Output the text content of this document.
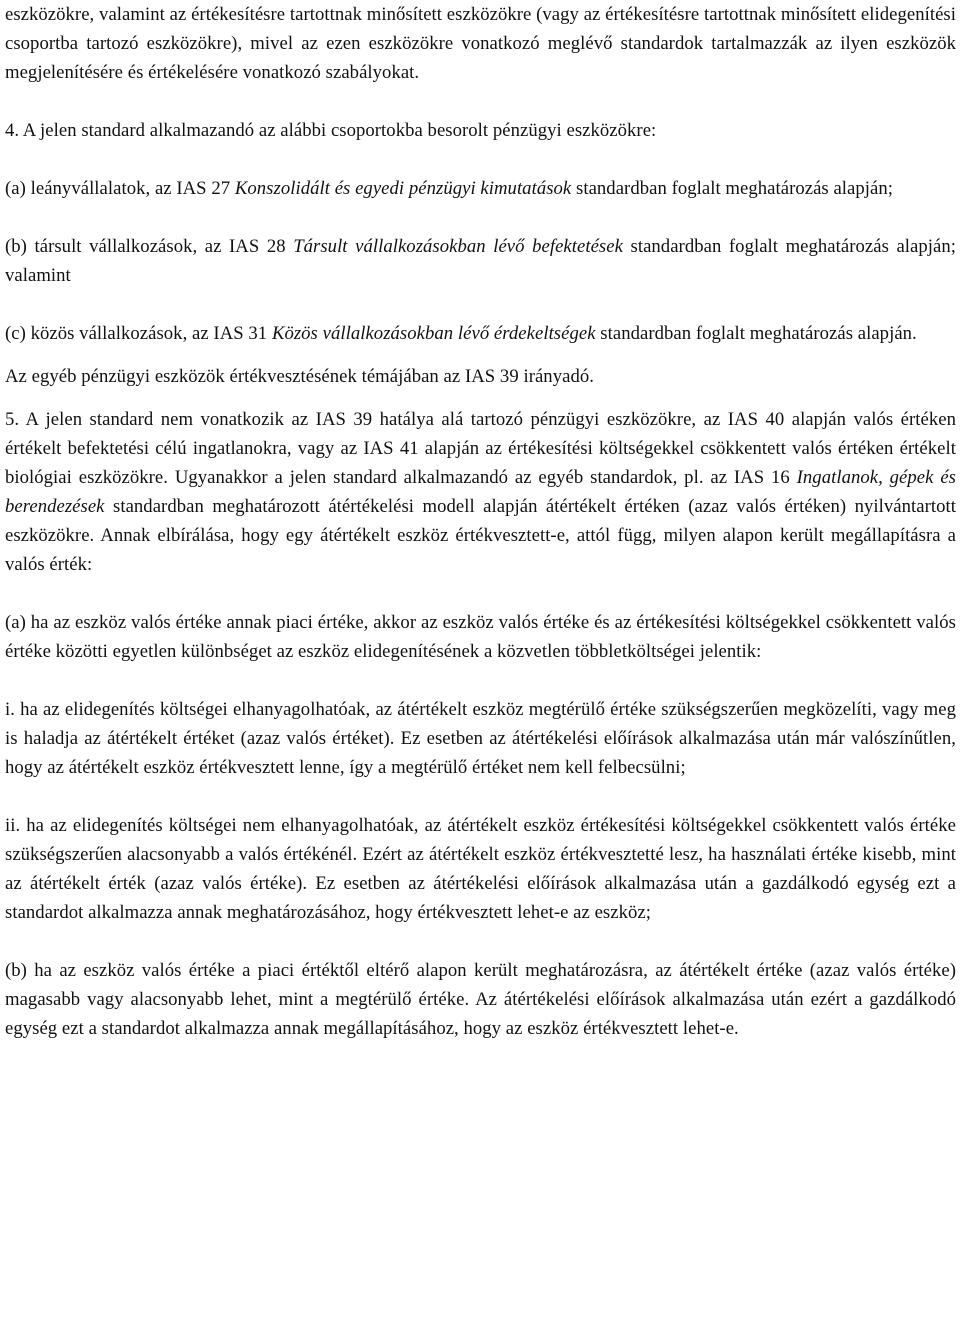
eszközökre, valamint az értékesítésre tartottnak minősített eszközökre (vagy az értékesítésre tartottnak minősített elidegenítési csoportba tartozó eszközökre), mivel az ezen eszközökre vonatkozó meglévő standardok tartalmazzák az ilyen eszközök megjelenítésére és értékelésére vonatkozó szabályokat.

4. A jelen standard alkalmazandó az alábbi csoportokba besorolt pénzügyi eszközökre:

(a) leányvállalatok, az IAS 27 Konszolidált és egyedi pénzügyi kimutatások standardban foglalt meghatározás alapján;

(b) társult vállalkozások, az IAS 28 Társult vállalkozásokban lévő befektetések standardban foglalt meghatározás alapján; valamint

(c) közös vállalkozások, az IAS 31 Közös vállalkozásokban lévő érdekeltségek standardban foglalt meghatározás alapján.

Az egyéb pénzügyi eszközök értékvesztésének témájában az IAS 39 irányadó.

5. A jelen standard nem vonatkozik az IAS 39 hatálya alá tartozó pénzügyi eszközökre, az IAS 40 alapján valós értéken értékelt befektetési célú ingatlanokra, vagy az IAS 41 alapján az értékesítési költségekkel csökkentett valós értéken értékelt biológiai eszközökre. Ugyanakkor a jelen standard alkalmazandó az egyéb standardok, pl. az IAS 16 Ingatlanok, gépek és berendezések standardban meghatározott átértékelési modell alapján átértékelt értéken (azaz valós értéken) nyilvántartott eszközökre. Annak elbírálása, hogy egy átértékelt eszköz értékvesztett-e, attól függ, milyen alapon került megállapításra a valós érték:

(a) ha az eszköz valós értéke annak piaci értéke, akkor az eszköz valós értéke és az értékesítési költségekkel csökkentett valós értéke közötti egyetlen különbséget az eszköz elidegenítésének a közvetlen többletköltségei jelentik:

i. ha az elidegenítés költségei elhanyagolhatóak, az átértékelt eszköz megtérülő értéke szükségszerűen megközelíti, vagy meg is haladja az átértékelt értéket (azaz valós értéket). Ez esetben az átértékelési előírások alkalmazása után már valószínűtlen, hogy az átértékelt eszköz értékvesztett lenne, így a megtérülő értéket nem kell felbecsülni;

ii. ha az elidegenítés költségei nem elhanyagolhatóak, az átértékelt eszköz értékesítési költségekkel csökkentett valós értéke szükségszerűen alacsonyabb a valós értékénél. Ezért az átértékelt eszköz értékvesztetté lesz, ha használati értéke kisebb, mint az átértékelt érték (azaz valós értéke). Ez esetben az átértékelési előírások alkalmazása után a gazdálkodó egység ezt a standardot alkalmazza annak meghatározásához, hogy értékvesztett lehet-e az eszköz;

(b) ha az eszköz valós értéke a piaci értéktől eltérő alapon került meghatározásra, az átértékelt értéke (azaz valós értéke) magasabb vagy alacsonyabb lehet, mint a megtérülő értéke. Az átértékelési előírások alkalmazása után ezért a gazdálkodó egység ezt a standardot alkalmazza annak megállapításához, hogy az eszköz értékvesztett lehet-e.
